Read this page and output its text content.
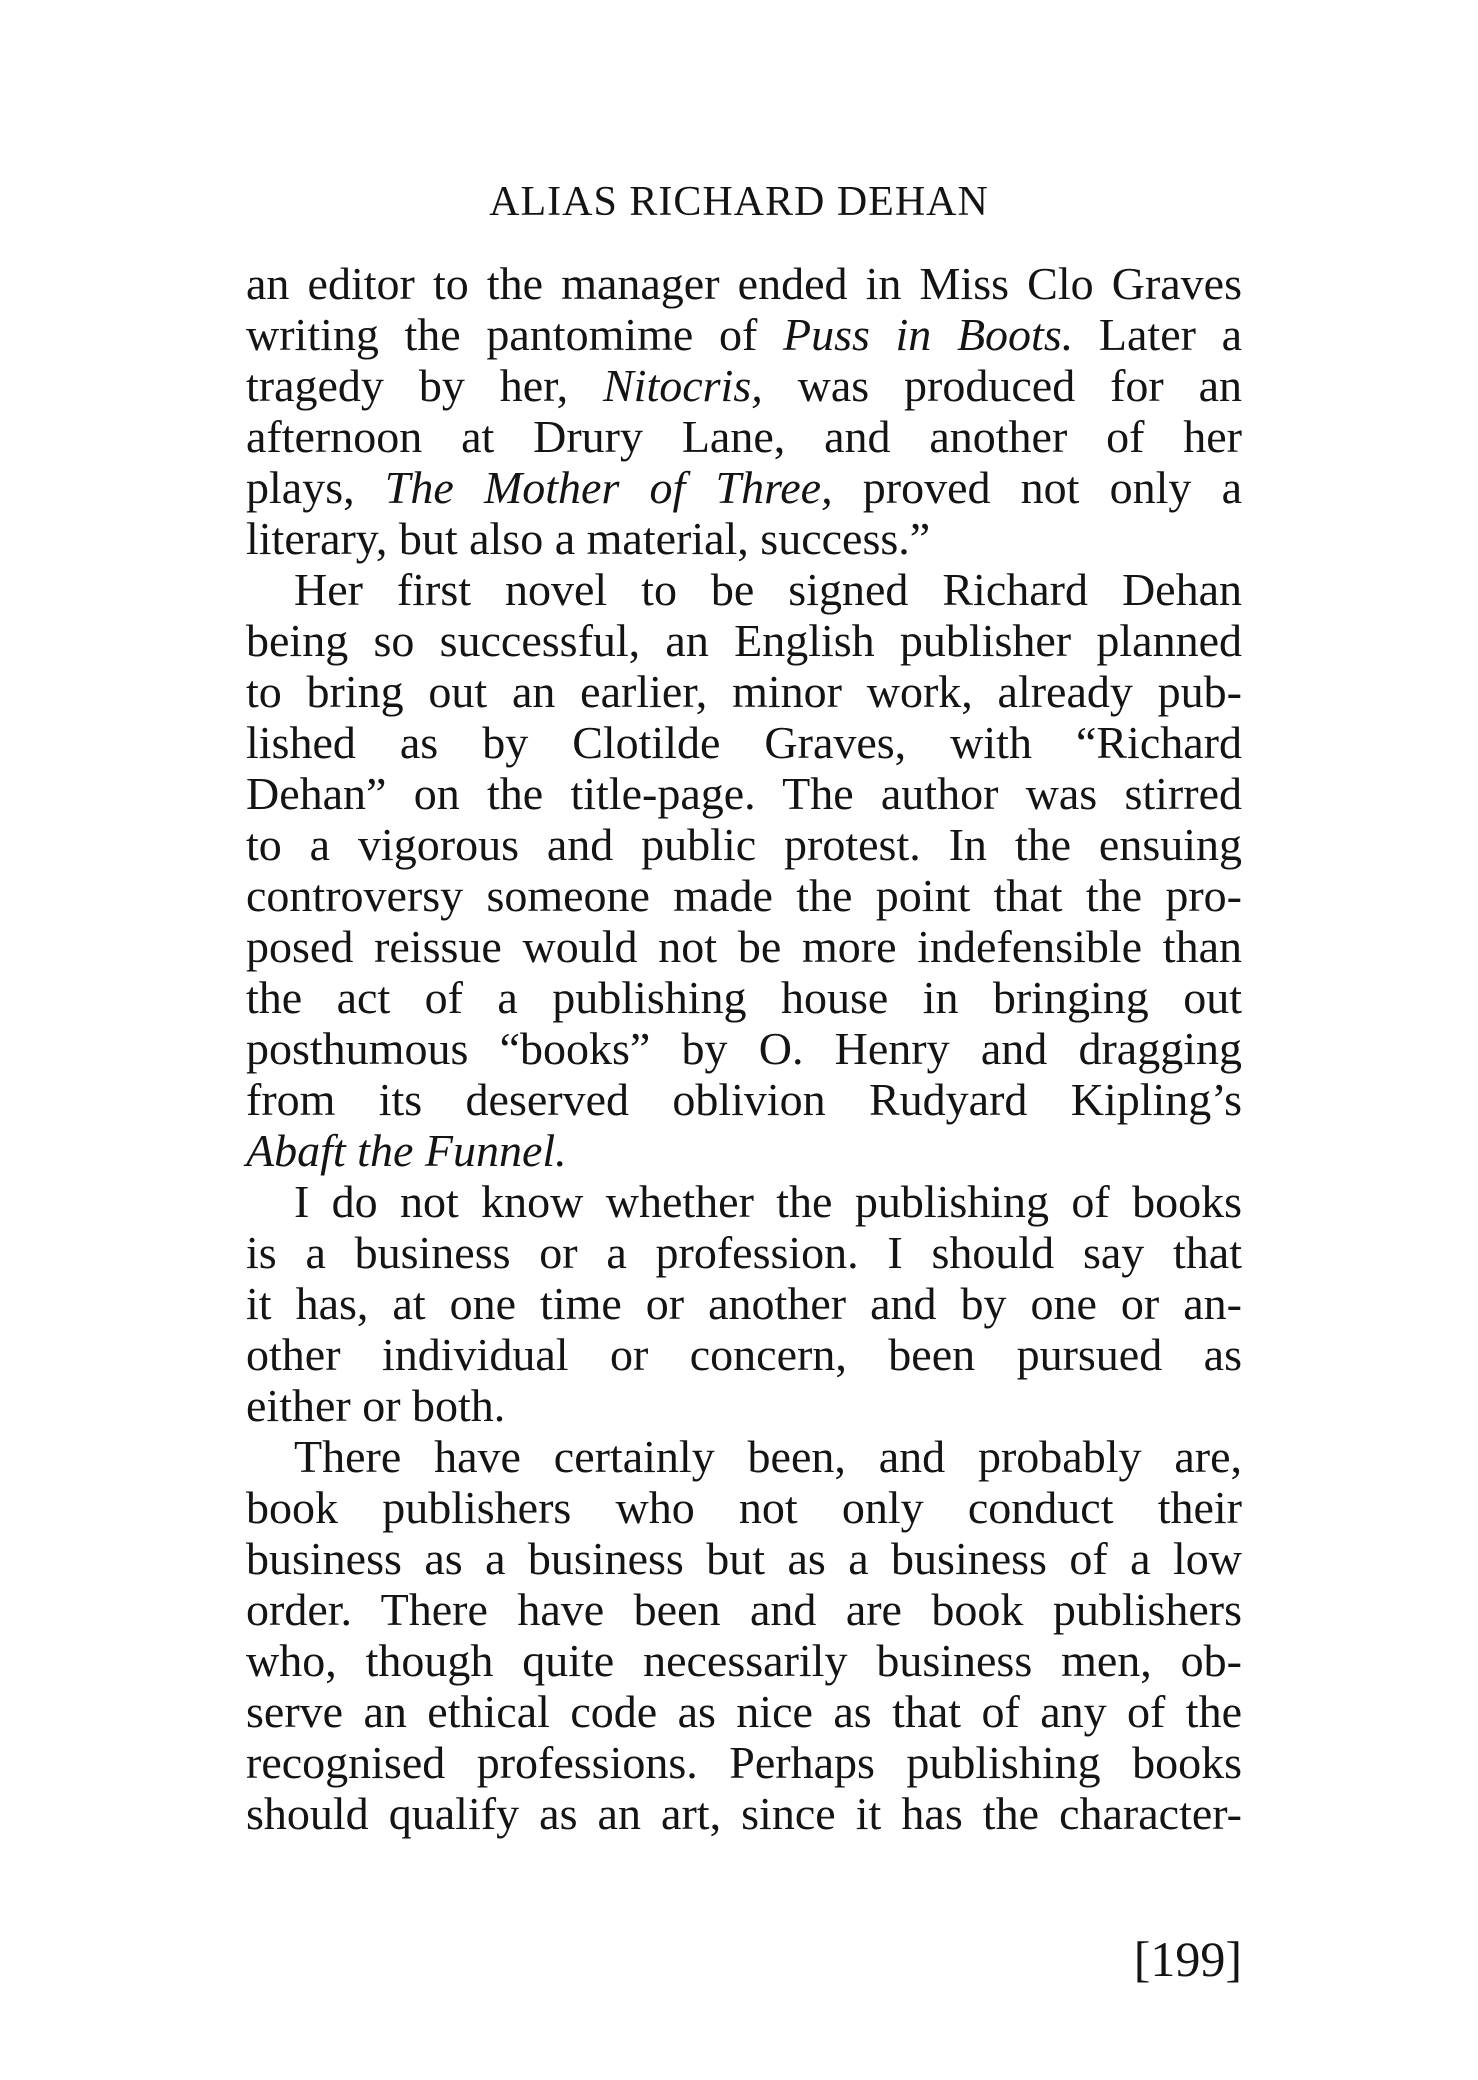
ALIAS RICHARD DEHAN
an editor to the manager ended in Miss Clo Graves
writing the pantomime of Puss in Boots. Later a
tragedy by her, Nitocris, was produced for an
afternoon at Drury Lane, and another of her
plays, The Mother of Three, proved not only a
literary, but also a material, success.”
Her first novel to be signed Richard Dehan
being so successful, an English publisher planned
to bring out an earlier, minor work, already pub-
lished as by Clotilde Graves, with “Richard
Dehan” on the title-page. The author was stirred
to a vigorous and public protest. In the ensuing
controversy someone made the point that the pro-
posed reissue would not be more indefensible than
the act of a publishing house in bringing out
posthumous “books” by O. Henry and dragging
from its deserved oblivion Rudyard Kipling’s
Abaft the Funnel.
I do not know whether the publishing of books
is a business or a profession. I should say that
it has, at one time or another and by one or an-
other individual or concern, been pursued as
either or both.
There have certainly been, and probably are,
book publishers who not only conduct their
business as a business but as a business of a low
order. There have been and are book publishers
who, though quite necessarily business men, ob-
serve an ethical code as nice as that of any of the
recognised professions. Perhaps publishing books
should qualify as an art, since it has the character-
[199]
